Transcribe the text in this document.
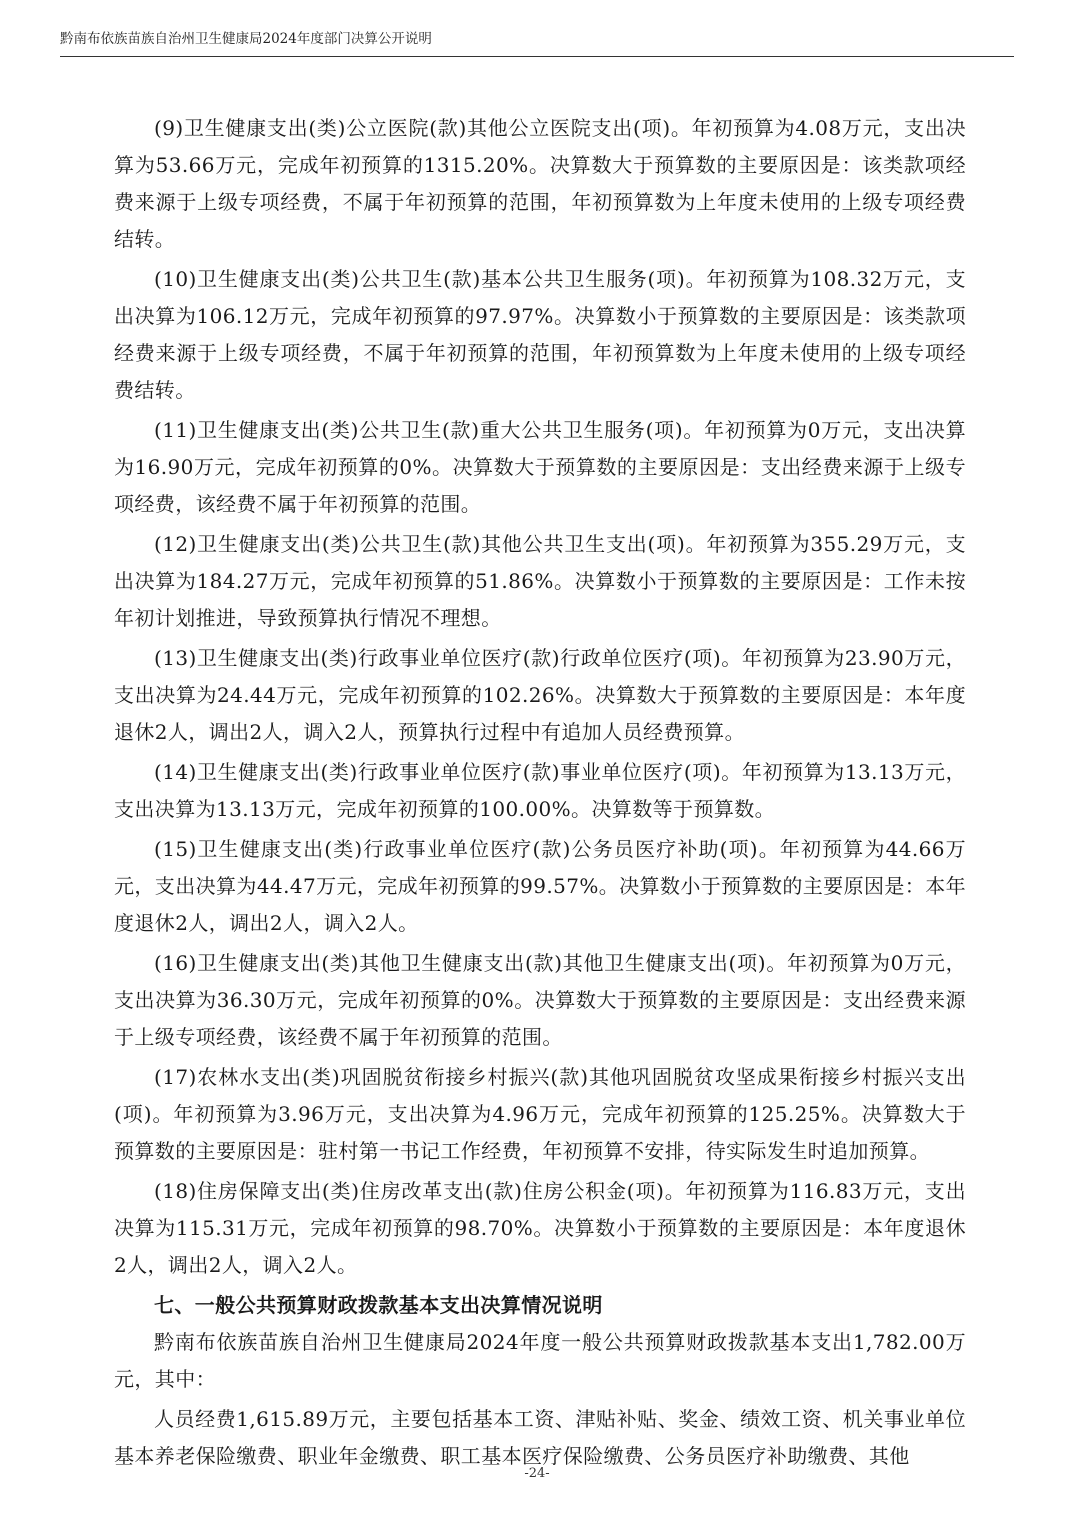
黔南布依族苗族自治州卫生健康局2024年度部门决算公开说明

(9)卫生健康支出(类)公立医院(款)其他公立医院支出(项)。年初预算为4.08万元，支出决算为53.66万元，完成年初预算的1315.20%。决算数大于预算数的主要原因是：该类款项经费来源于上级专项经费，不属于年初预算的范围，年初预算数为上年度未使用的上级专项经费结转。

(10)卫生健康支出(类)公共卫生(款)基本公共卫生服务(项)。年初预算为108.32万元，支出决算为106.12万元，完成年初预算的97.97%。决算数小于预算数的主要原因是：该类款项经费来源于上级专项经费，不属于年初预算的范围，年初预算数为上年度未使用的上级专项经费结转。

(11)卫生健康支出(类)公共卫生(款)重大公共卫生服务(项)。年初预算为0万元，支出决算为16.90万元，完成年初预算的0%。决算数大于预算数的主要原因是：支出经费来源于上级专项经费，该经费不属于年初预算的范围。

(12)卫生健康支出(类)公共卫生(款)其他公共卫生支出(项)。年初预算为355.29万元，支出决算为184.27万元，完成年初预算的51.86%。决算数小于预算数的主要原因是：工作未按年初计划推进，导致预算执行情况不理想。

(13)卫生健康支出(类)行政事业单位医疗(款)行政单位医疗(项)。年初预算为23.90万元，支出决算为24.44万元，完成年初预算的102.26%。决算数大于预算数的主要原因是：本年度退休2人，调出2人，调入2人，预算执行过程中有追加人员经费预算。

(14)卫生健康支出(类)行政事业单位医疗(款)事业单位医疗(项)。年初预算为13.13万元，支出决算为13.13万元，完成年初预算的100.00%。决算数等于预算数。

(15)卫生健康支出(类)行政事业单位医疗(款)公务员医疗补助(项)。年初预算为44.66万元，支出决算为44.47万元，完成年初预算的99.57%。决算数小于预算数的主要原因是：本年度退休2人，调出2人，调入2人。

(16)卫生健康支出(类)其他卫生健康支出(款)其他卫生健康支出(项)。年初预算为0万元，支出决算为36.30万元，完成年初预算的0%。决算数大于预算数的主要原因是：支出经费来源于上级专项经费，该经费不属于年初预算的范围。

(17)农林水支出(类)巩固脱贫衔接乡村振兴(款)其他巩固脱贫攻坚成果衔接乡村振兴支出(项)。年初预算为3.96万元，支出决算为4.96万元，完成年初预算的125.25%。决算数大于预算数的主要原因是：驻村第一书记工作经费，年初预算不安排，待实际发生时追加预算。

(18)住房保障支出(类)住房改革支出(款)住房公积金(项)。年初预算为116.83万元，支出决算为115.31万元，完成年初预算的98.70%。决算数小于预算数的主要原因是：本年度退休2人，调出2人，调入2人。

七、一般公共预算财政拨款基本支出决算情况说明

黔南布依族苗族自治州卫生健康局2024年度一般公共预算财政拨款基本支出1,782.00万元，其中：

人员经费1,615.89万元，主要包括基本工资、津贴补贴、奖金、绩效工资、机关事业单位基本养老保险缴费、职业年金缴费、职工基本医疗保险缴费、公务员医疗补助缴费、其他

-24-
